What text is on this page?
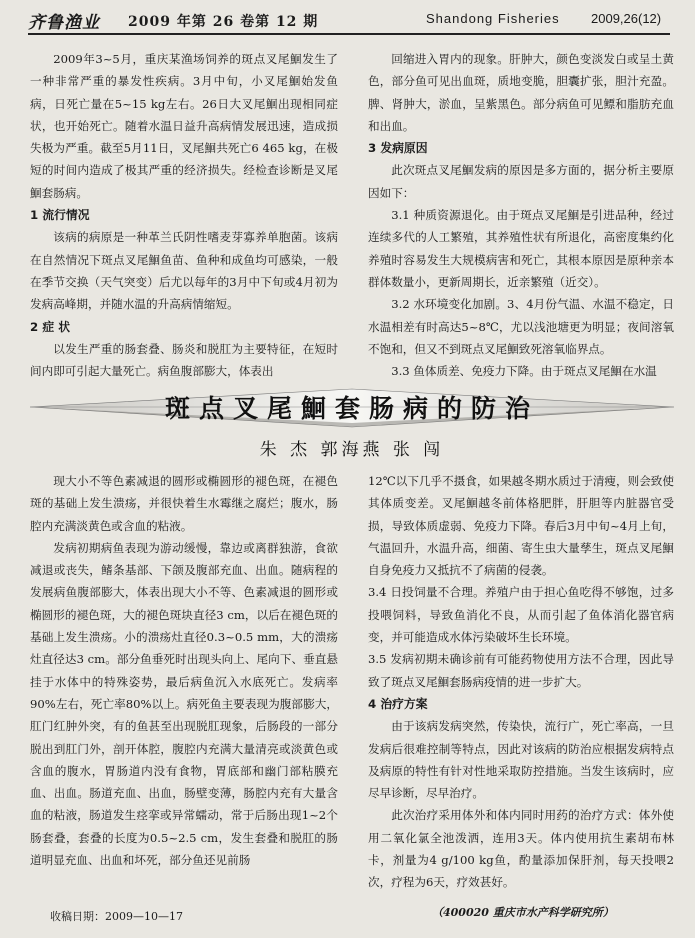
齐鲁渔业 2009 年第 26 卷第 12 期	Shandong Fisheries 2009,26(12)

2009年3~5月，重庆某渔场饲养的斑点叉尾鮰发生了一种非常严重的暴发性疾病。3月中旬，小叉尾鮰始发鱼病，日死亡量在5~15 kg左右。26日大叉尾鮰出现相同症状，也开始死亡。随着水温日益升高病情发展迅速，造成损失极为严重。截至5月11日，叉尾鮰共死亡6 465 kg，在极短的时间内造成了极其严重的经济损失。经检查诊断是叉尾鮰套肠病。

1 流行情况

该病的病原是一种革兰氏阴性嗜麦芽寡养单胞菌。该病在自然情况下斑点叉尾鮰鱼苗、鱼种和成鱼均可感染，一般在季节交换（天气突变）后尤以每年的3月中下旬或4月初为发病高峰期，并随水温的升高病情缩短。

2 症 状

以发生严重的肠套叠、肠炎和脱肛为主要特征，在短时间内即可引起大量死亡。病鱼腹部膨大，体表出

回缩进入胃内的现象。肝肿大，颜色变淡发白或呈土黄色，部分鱼可见出血斑，质地变脆，胆囊扩张，胆汁充盈。脾、肾肿大，淤血，呈紫黑色。部分病鱼可见鳔和脂肪充血和出血。

3 发病原因

此次斑点叉尾鮰发病的原因是多方面的，据分析主要原因如下：

3.1 种质资源退化。由于斑点叉尾鮰是引进品种，经过连续多代的人工繁殖，其养殖性状有所退化，高密度集约化养殖时容易发生大规模病害和死亡，其根本原因是原种亲本群体数量小，更新周期长，近亲繁殖（近交）。

3.2 水环境变化加剧。3、4月份气温、水温不稳定，日水温相差有时高达5~8℃，尤以浅池塘更为明显；夜间溶氧不饱和，但又不到斑点叉尾鮰致死溶氧临界点。

3.3 鱼体质差、免疫力下降。由于斑点叉尾鮰在水温

斑点叉尾鮰套肠病的防治
朱 杰 郭海燕 张 闯

现大小不等色素减退的圆形或椭圆形的褪色斑，在褪色斑的基础上发生溃疡，并很快着生水霉继之腐烂；腹水，肠腔内充满淡黄色或含血的粘液。

发病初期病鱼表现为游动缓慢，靠边或离群独游，食欲减退或丧失，鳍条基部、下颌及腹部充血、出血。随病程的发展病鱼腹部膨大，体表出现大小不等、色素减退的圆形或椭圆形的褪色斑，大的褪色斑块直径3 cm，以后在褪色斑的基础上发生溃疡。小的溃疡灶直径0.3~0.5 mm，大的溃疡灶直径达3 cm。部分鱼垂死时出现头向上、尾向下、垂直悬挂于水体中的特殊姿势，最后病鱼沉入水底死亡。发病率90%左右，死亡率80%以上。病死鱼主要表现为腹部膨大，肛门红肿外突，有的鱼甚至出现脱肛现象，后肠段的一部分脱出到肛门外，剖开体腔，腹腔内充满大量清亮或淡黄色或含血的腹水，胃肠道内没有食物，胃底部和幽门部粘膜充血、出血。肠道充血、出血，肠壁变薄，肠腔内充有大量含血的粘液，肠道发生痉挛或异常蠕动，常于后肠出现1~2个肠套叠，套叠的长度为0.5~2.5 cm，发生套叠和脱肛的肠道明显充血、出血和坏死，部分鱼还见前肠

12℃以下几乎不摄食，如果越冬期水质过于清瘦，则会致使其体质变差。叉尾鮰越冬前体格肥胖，肝胆等内脏器官受损，导致体质虚弱、免疫力下降。春后3月中旬~4月上旬，气温回升，水温升高，细菌、寄生虫大量孳生，斑点叉尾鮰自身免疫力又抵抗不了病菌的侵袭。

3.4 日投饲量不合理。养殖户由于担心鱼吃得不够饱，过多投喂饲料，导致鱼消化不良，从而引起了鱼体消化器官病变，并可能造成水体污染破坏生长环境。

3.5 发病初期未确诊前有可能药物使用方法不合理，因此导致了斑点叉尾鮰套肠病疫情的进一步扩大。

4 治疗方案

由于该病发病突然，传染快，流行广，死亡率高，一旦发病后很难控制等特点，因此对该病的防治应根据发病特点及病原的特性有针对性地采取防控措施。当发生该病时，应尽早诊断，尽早治疗。

此次治疗采用体外和体内同时用药的治疗方式：体外使用二氧化氯全池泼洒，连用3天。体内使用抗生素胡布林卡，剂量为4 g/100 kg鱼，酌量添加保肝剂，每天投喂2次，疗程为6天，疗效甚好。

收稿日期：2009—10—17	（400020 重庆市水产科学研究所）
